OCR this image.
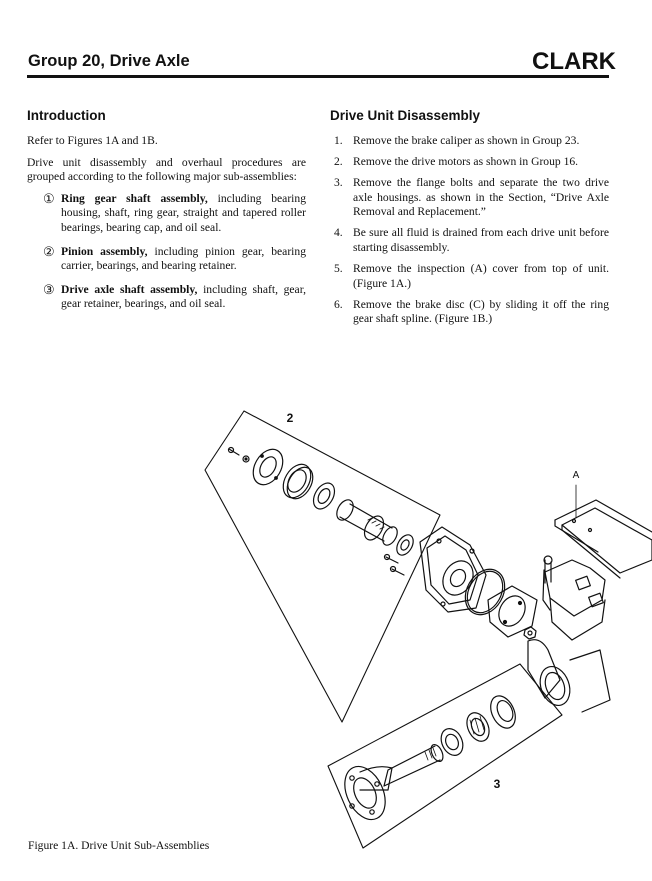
Group 20, Drive Axle	CLARK
Introduction

Refer to Figures 1A and 1B.

Drive unit disassembly and overhaul procedures are grouped according to the following major sub-assemblies:

① Ring gear shaft assembly, including bearing housing, shaft, ring gear, straight and tapered roller bearings, bearing cap, and oil seal.
② Pinion assembly, including pinion gear, bearing carrier, bearings, and bearing retainer.
③ Drive axle shaft assembly, including shaft, gear, gear retainer, bearings, and oil seal.
Drive Unit Disassembly
1. Remove the brake caliper as shown in Group 23.
2. Remove the drive motors as shown in Group 16.
3. Remove the flange bolts and separate the two drive axle housings. as shown in the Section, “Drive Axle Removal and Replacement.”
4. Be sure all fluid is drained from each drive unit before starting disassembly.
5. Remove the inspection (A) cover from top of unit. (Figure 1A.)
6. Remove the brake disc (C) by sliding it off the ring gear shaft spline. (Figure 1B.)
2
A
3
Figure 1A. Drive Unit Sub-Assemblies
